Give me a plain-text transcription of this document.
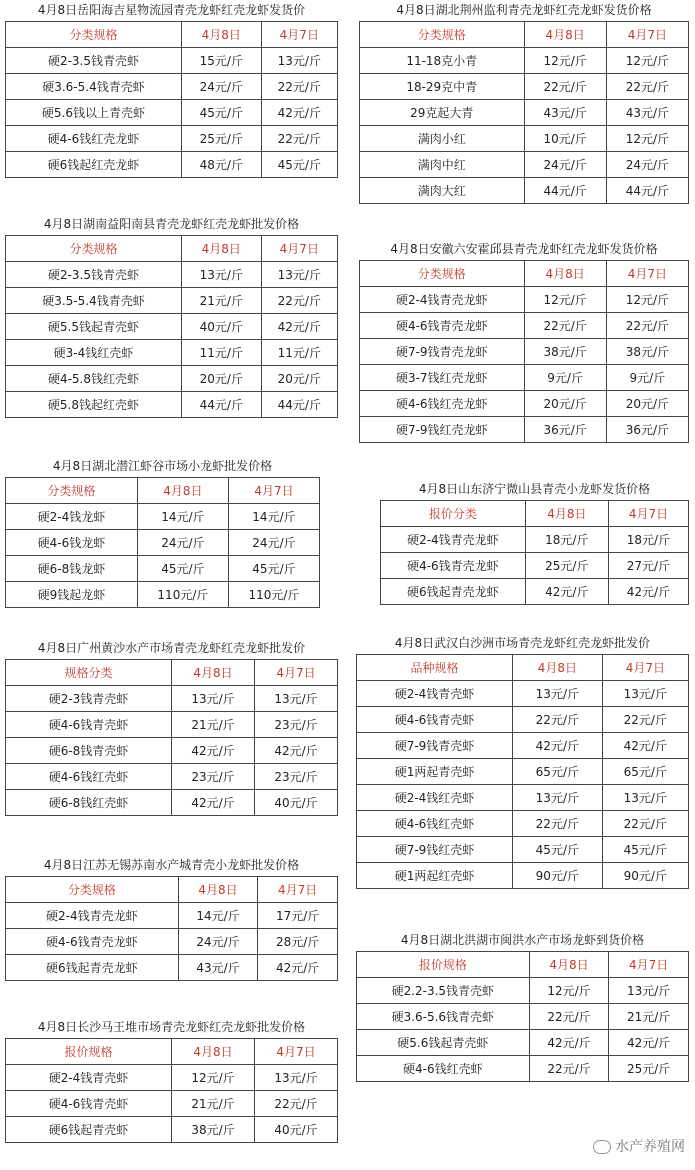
4月8日岳阳海吉星物流园青壳龙虾红壳龙虾发货价
分类规格	4月8日	4月7日
硬2-3.5钱青壳虾	15元/斤	13元/斤
硬3.6-5.4钱青壳虾	24元/斤	22元/斤
硬5.6钱以上青壳虾	45元/斤	42元/斤
硬4-6钱红壳龙虾	25元/斤	22元/斤
硬6钱起红壳龙虾	48元/斤	45元/斤
4月8日湖北荆州监利青壳龙虾红壳龙虾发货价格
分类规格	4月8日	4月7日
11-18克小青	12元/斤	12元/斤
18-29克中青	22元/斤	22元/斤
29克起大青	43元/斤	43元/斤
满肉小红	10元/斤	12元/斤
满肉中红	24元/斤	24元/斤
满肉大红	44元/斤	44元/斤
4月8日湖南益阳南县青壳龙虾红壳龙虾批发价格
分类规格	4月8日	4月7日
硬2-3.5钱青壳虾	13元/斤	13元/斤
硬3.5-5.4钱青壳虾	21元/斤	22元/斤
硬5.5钱起青壳虾	40元/斤	42元/斤
硬3-4钱红壳虾	11元/斤	11元/斤
硬4-5.8钱红壳虾	20元/斤	20元/斤
硬5.8钱起红壳虾	44元/斤	44元/斤
4月8日安徽六安霍邱县青壳龙虾红壳龙虾发货价格
分类规格	4月8日	4月7日
硬2-4钱青壳龙虾	12元/斤	12元/斤
硬4-6钱青壳龙虾	22元/斤	22元/斤
硬7-9钱青壳龙虾	38元/斤	38元/斤
硬3-7钱红壳龙虾	9元/斤	9元/斤
硬4-6钱红壳龙虾	20元/斤	20元/斤
硬7-9钱红壳龙虾	36元/斤	36元/斤
4月8日湖北潜江虾谷市场小龙虾批发价格
分类规格	4月8日	4月7日
硬2-4钱龙虾	14元/斤	14元/斤
硬4-6钱龙虾	24元/斤	24元/斤
硬6-8钱龙虾	45元/斤	45元/斤
硬9钱起龙虾	110元/斤	110元/斤
4月8日山东济宁微山县青壳小龙虾发货价格
报价分类	4月8日	4月7日
硬2-4钱青壳龙虾	18元/斤	18元/斤
硬4-6钱青壳龙虾	25元/斤	27元/斤
硬6钱起青壳龙虾	42元/斤	42元/斤
4月8日广州黄沙水产市场青壳龙虾红壳龙虾批发价
规格分类	4月8日	4月7日
硬2-3钱青壳虾	13元/斤	13元/斤
硬4-6钱青壳虾	21元/斤	23元/斤
硬6-8钱青壳虾	42元/斤	42元/斤
硬4-6钱红壳虾	23元/斤	23元/斤
硬6-8钱红壳虾	42元/斤	40元/斤
4月8日武汉白沙洲市场青壳龙虾红壳龙虾批发价
品种规格	4月8日	4月7日
硬2-4钱青壳虾	13元/斤	13元/斤
硬4-6钱青壳虾	22元/斤	22元/斤
硬7-9钱青壳虾	42元/斤	42元/斤
硬1两起青壳虾	65元/斤	65元/斤
硬2-4钱红壳虾	13元/斤	13元/斤
硬4-6钱红壳虾	22元/斤	22元/斤
硬7-9钱红壳虾	45元/斤	45元/斤
硬1两起红壳虾	90元/斤	90元/斤
4月8日江苏无锡苏南水产城青壳小龙虾批发价格
分类规格	4月8日	4月7日
硬2-4钱青壳龙虾	14元/斤	17元/斤
硬4-6钱青壳龙虾	24元/斤	28元/斤
硬6钱起青壳龙虾	43元/斤	42元/斤
4月8日湖北洪湖市闽洪水产市场龙虾到货价格
报价规格	4月8日	4月7日
硬2.2-3.5钱青壳虾	12元/斤	13元/斤
硬3.6-5.6钱青壳虾	22元/斤	21元/斤
硬5.6钱起青壳虾	42元/斤	42元/斤
硬4-6钱红壳虾	22元/斤	25元/斤
4月8日长沙马王堆市场青壳龙虾红壳龙虾批发价格
报价规格	4月8日	4月7日
硬2-4钱青壳虾	12元/斤	13元/斤
硬4-6钱青壳虾	21元/斤	22元/斤
硬6钱起青壳虾	38元/斤	40元/斤
水产养殖网
